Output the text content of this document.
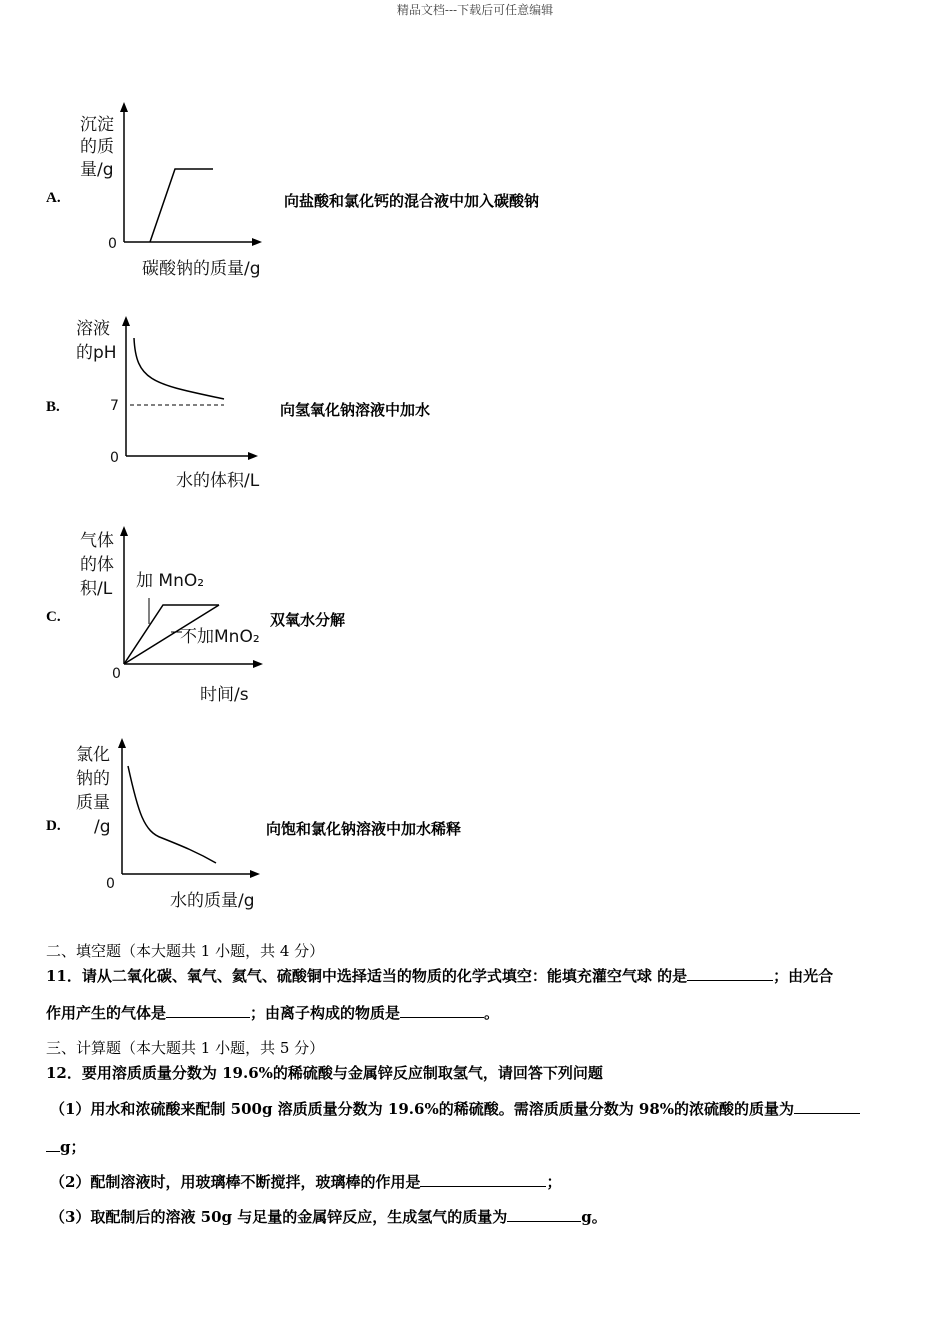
精品文档---下载后可任意编辑
A.
沉淀
的质
量/g
0
碳酸钠的质量/g
向盐酸和氯化钙的混合液中加入碳酸钠
B.
溶液
的pH
0
7
水的体积/L
向氢氧化钠溶液中加水
C.
气体
的体
积/L
0
加 MnO₂
不加MnO₂
时间/s
双氧水分解
D.
氯化
钠的
质量
/g
0
水的质量/g
向饱和氯化钠溶液中加水稀释
二、填空题（本大题共 1 小题，共 4 分）
11．请从二氧化碳、氧气、氦气、硫酸铜中选择适当的物质的化学式填空：能填充灌空气球 的是	；由光合
作用产生的气体是	；由离子构成的物质是	。
三、计算题（本大题共 1 小题，共 5 分）
12．要用溶质质量分数为 19.6%的稀硫酸与金属锌反应制取氢气，请回答下列问题
（1）用水和浓硫酸来配制 500g 溶质质量分数为 19.6%的稀硫酸。需溶质质量分数为 98%的浓硫酸的质量为
g；
（2）配制溶液时，用玻璃棒不断搅拌，玻璃棒的作用是	；
（3）取配制后的溶液 50g 与足量的金属锌反应，生成氢气的质量为	g。
